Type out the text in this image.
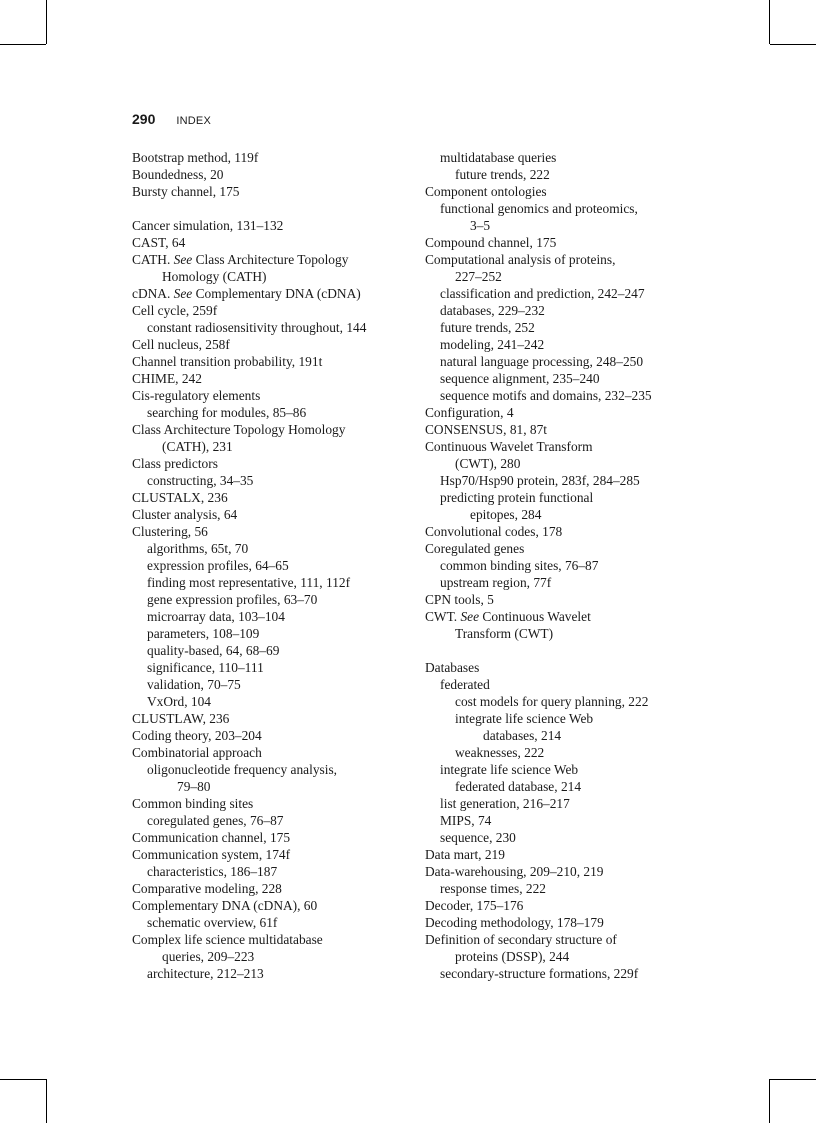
290 INDEX
Bootstrap method, 119f
Boundedness, 20
Bursty channel, 175
Cancer simulation, 131–132
CAST, 64
CATH. See Class Architecture Topology
Homology (CATH)
cDNA. See Complementary DNA (cDNA)
Cell cycle, 259f
constant radiosensitivity throughout, 144
Cell nucleus, 258f
Channel transition probability, 191t
CHIME, 242
Cis-regulatory elements
searching for modules, 85–86
Class Architecture Topology Homology
(CATH), 231
Class predictors
constructing, 34–35
CLUSTALX, 236
Cluster analysis, 64
Clustering, 56
algorithms, 65t, 70
expression profiles, 64–65
finding most representative, 111, 112f
gene expression profiles, 63–70
microarray data, 103–104
parameters, 108–109
quality-based, 64, 68–69
significance, 110–111
validation, 70–75
VxOrd, 104
CLUSTLAW, 236
Coding theory, 203–204
Combinatorial approach
oligonucleotide frequency analysis,
79–80
Common binding sites
coregulated genes, 76–87
Communication channel, 175
Communication system, 174f
characteristics, 186–187
Comparative modeling, 228
Complementary DNA (cDNA), 60
schematic overview, 61f
Complex life science multidatabase
queries, 209–223
architecture, 212–213
multidatabase queries
future trends, 222
Component ontologies
functional genomics and proteomics,
3–5
Compound channel, 175
Computational analysis of proteins,
227–252
classification and prediction, 242–247
databases, 229–232
future trends, 252
modeling, 241–242
natural language processing, 248–250
sequence alignment, 235–240
sequence motifs and domains, 232–235
Configuration, 4
CONSENSUS, 81, 87t
Continuous Wavelet Transform
(CWT), 280
Hsp70/Hsp90 protein, 283f, 284–285
predicting protein functional
epitopes, 284
Convolutional codes, 178
Coregulated genes
common binding sites, 76–87
upstream region, 77f
CPN tools, 5
CWT. See Continuous Wavelet
Transform (CWT)
Databases
federated
cost models for query planning, 222
integrate life science Web
databases, 214
weaknesses, 222
integrate life science Web
federated database, 214
list generation, 216–217
MIPS, 74
sequence, 230
Data mart, 219
Data-warehousing, 209–210, 219
response times, 222
Decoder, 175–176
Decoding methodology, 178–179
Definition of secondary structure of
proteins (DSSP), 244
secondary-structure formations, 229f
